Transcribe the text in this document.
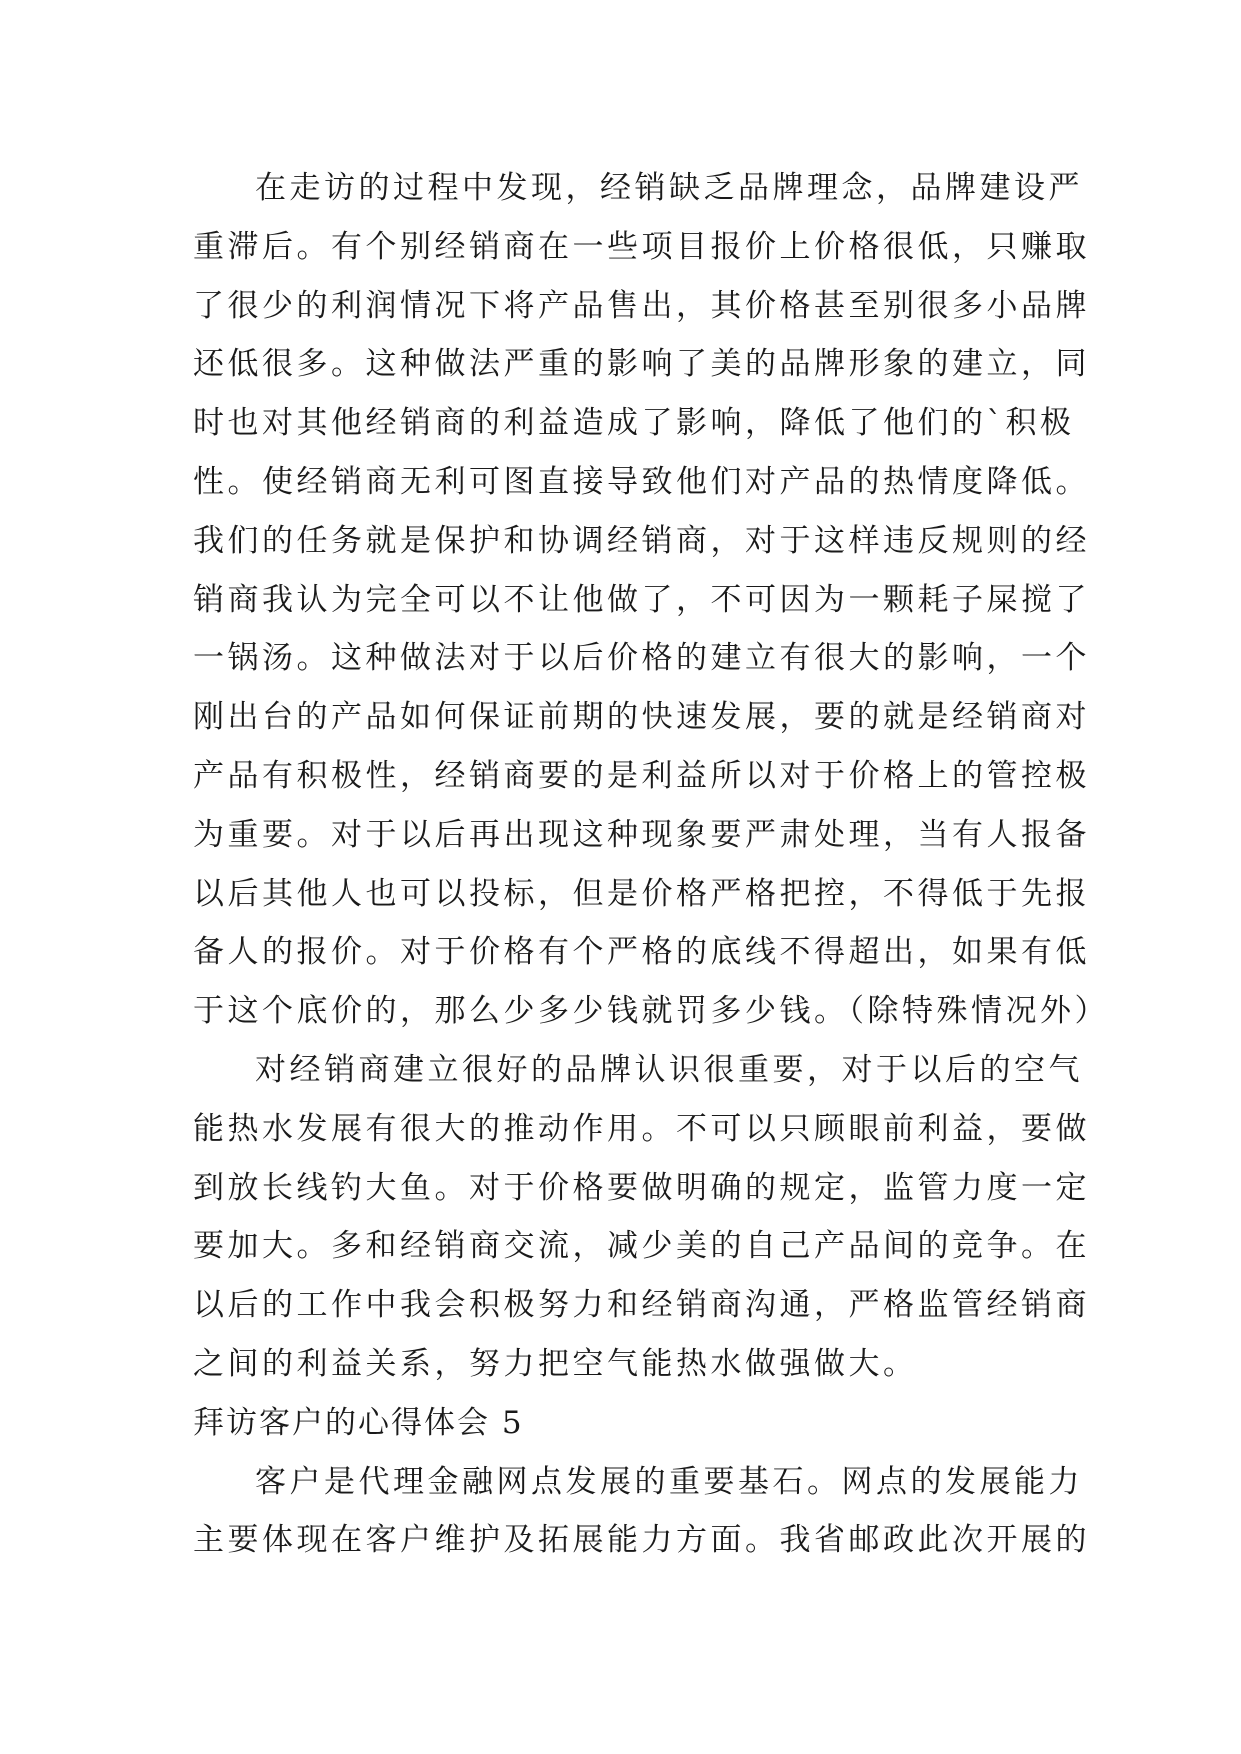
在走访的过程中发现，经销缺乏品牌理念，品牌建设严
重滞后。有个别经销商在一些项目报价上价格很低，只赚取
了很少的利润情况下将产品售出，其价格甚至别很多小品牌
还低很多。这种做法严重的影响了美的品牌形象的建立，同
时也对其他经销商的利益造成了影响，降低了他们的`积极
性。使经销商无利可图直接导致他们对产品的热情度降低。
我们的任务就是保护和协调经销商，对于这样违反规则的经
销商我认为完全可以不让他做了，不可因为一颗耗子屎搅了
一锅汤。这种做法对于以后价格的建立有很大的影响，一个
刚出台的产品如何保证前期的快速发展，要的就是经销商对
产品有积极性，经销商要的是利益所以对于价格上的管控极
为重要。对于以后再出现这种现象要严肃处理，当有人报备
以后其他人也可以投标，但是价格严格把控，不得低于先报
备人的报价。对于价格有个严格的底线不得超出，如果有低
于这个底价的，那么少多少钱就罚多少钱。（除特殊情况外）
对经销商建立很好的品牌认识很重要，对于以后的空气
能热水发展有很大的推动作用。不可以只顾眼前利益，要做
到放长线钓大鱼。对于价格要做明确的规定，监管力度一定
要加大。多和经销商交流，减少美的自己产品间的竞争。在
以后的工作中我会积极努力和经销商沟通，严格监管经销商
之间的利益关系，努力把空气能热水做强做大。
拜访客户的心得体会 5
客户是代理金融网点发展的重要基石。网点的发展能力
主要体现在客户维护及拓展能力方面。我省邮政此次开展的
